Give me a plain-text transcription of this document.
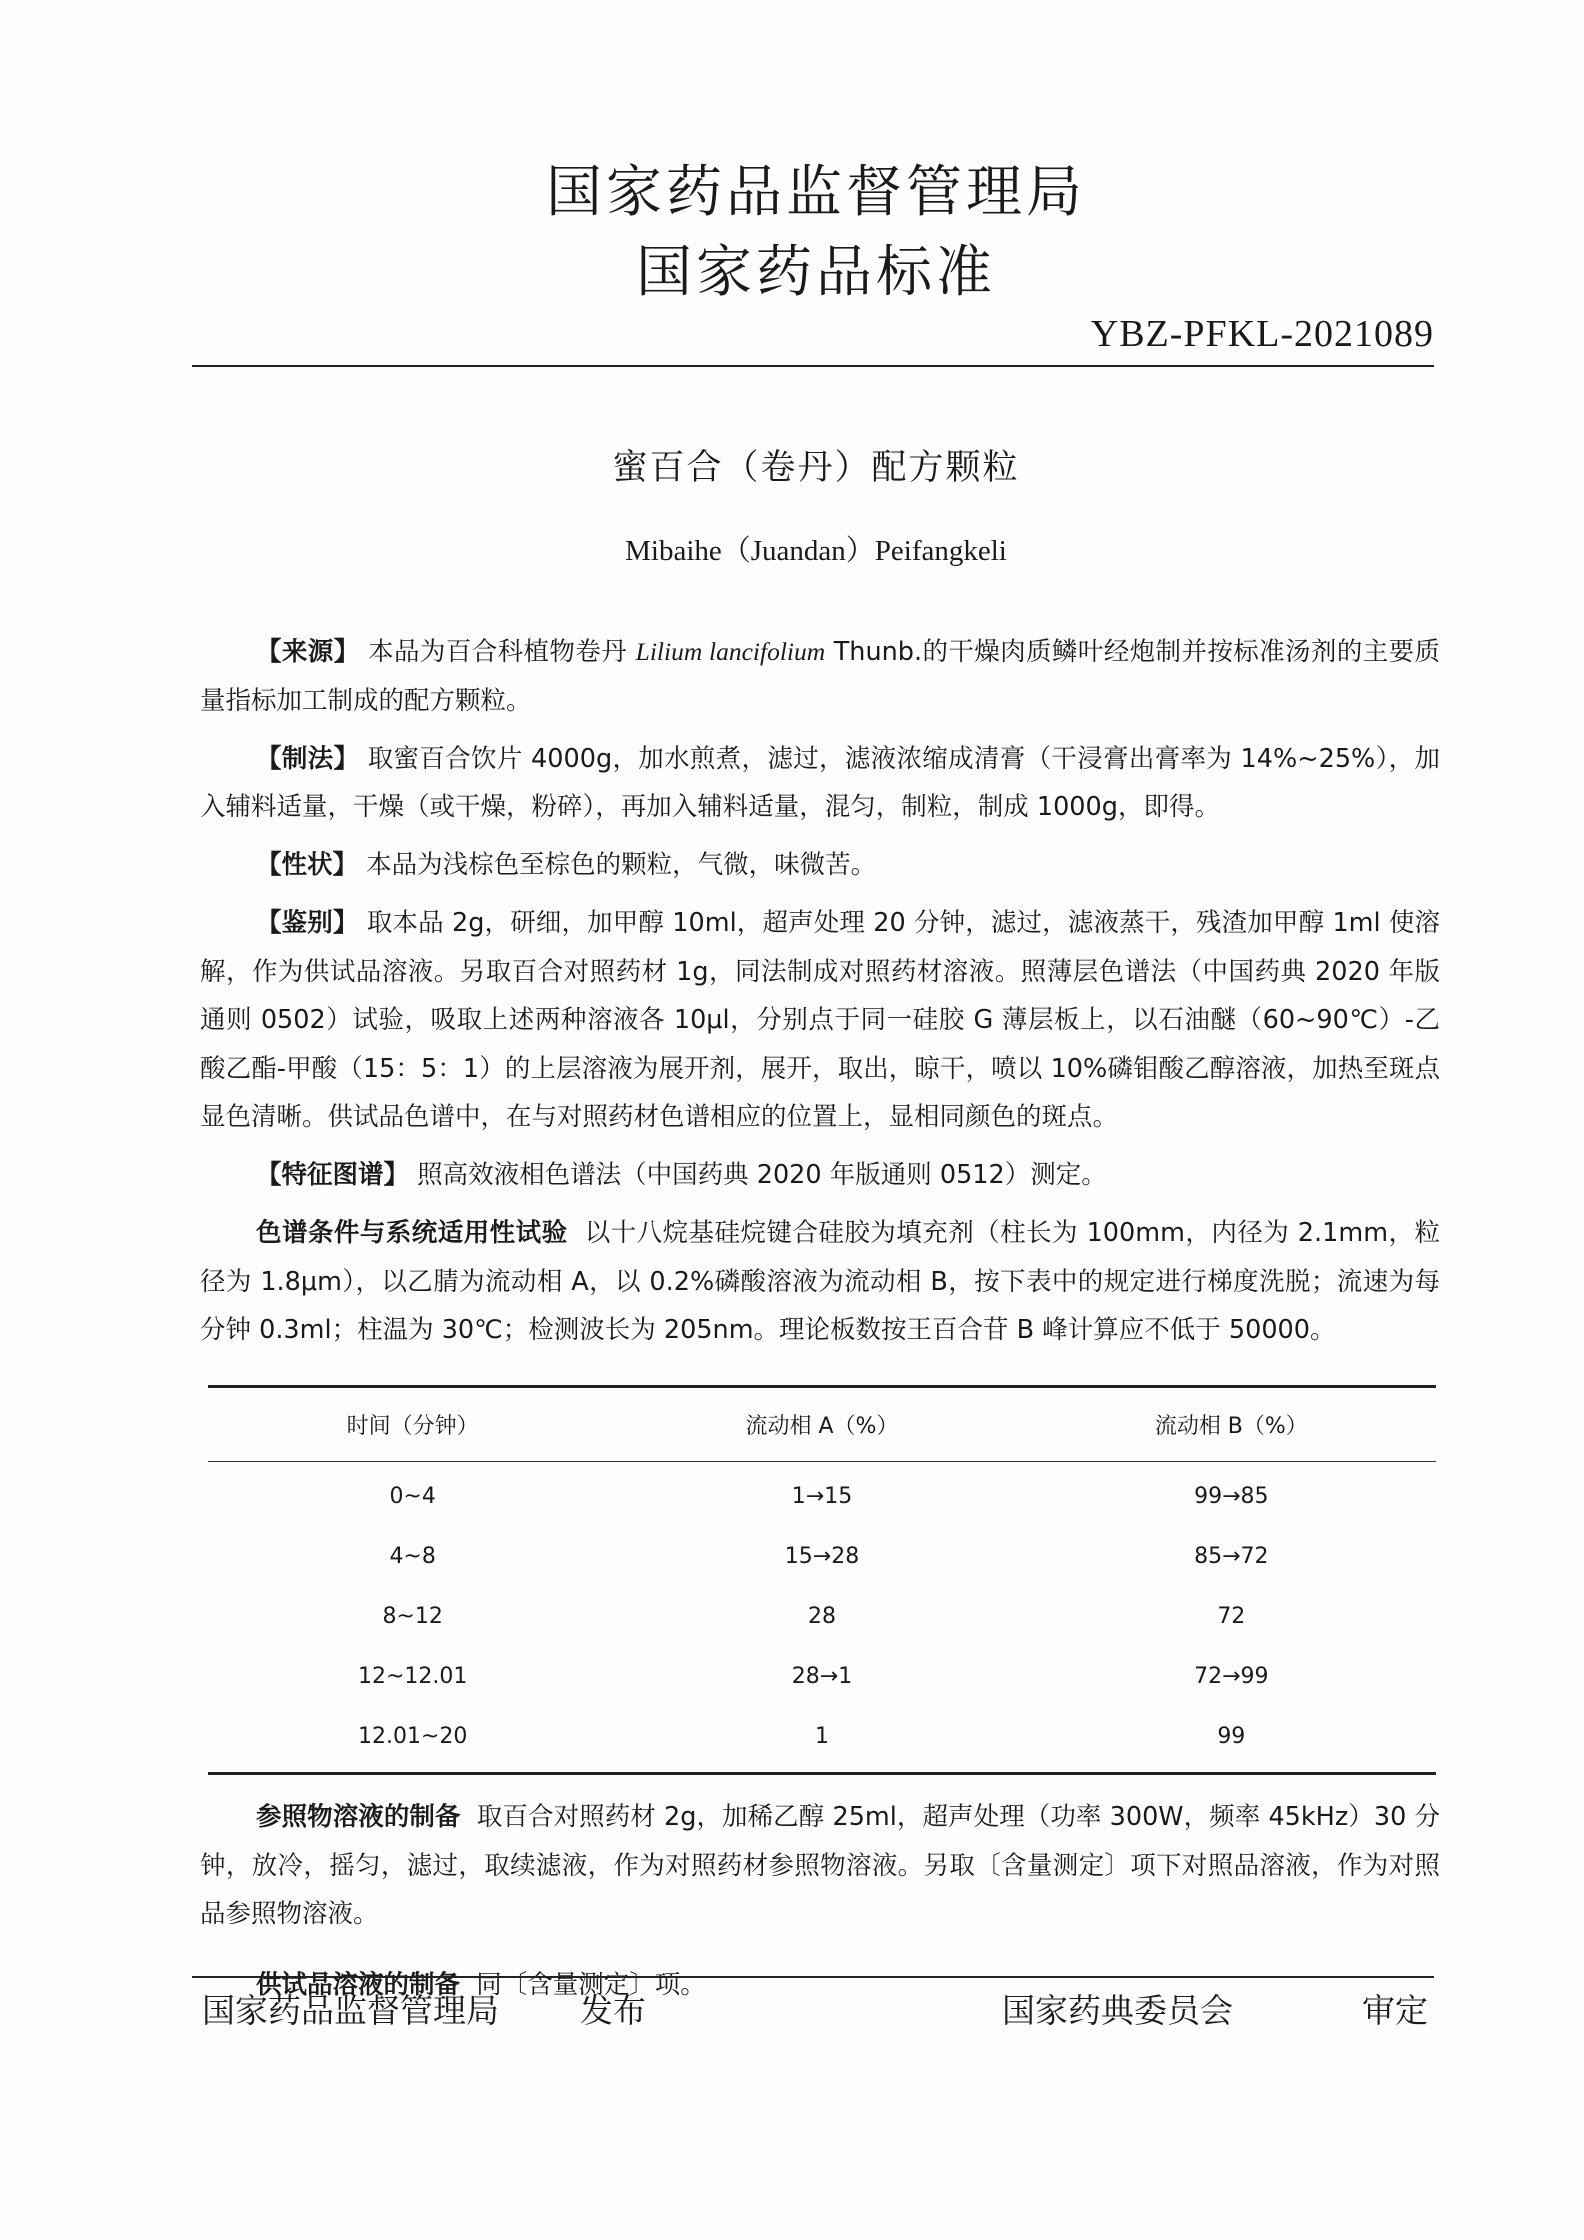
国家药品监督管理局
国家药品标准
YBZ-PFKL-2021089
蜜百合（卷丹）配方颗粒
Mibaihe（Juandan）Peifangkeli

【来源】 本品为百合科植物卷丹 Lilium lancifolium Thunb.的干燥肉质鳞叶经炮制并按标准汤剂的主要质量指标加工制成的配方颗粒。

【制法】 取蜜百合饮片 4000g，加水煎煮，滤过，滤液浓缩成清膏（干浸膏出膏率为 14%~25%），加入辅料适量，干燥（或干燥，粉碎），再加入辅料适量，混匀，制粒，制成 1000g，即得。

【性状】 本品为浅棕色至棕色的颗粒，气微，味微苦。

【鉴别】 取本品 2g，研细，加甲醇 10ml，超声处理 20 分钟，滤过，滤液蒸干，残渣加甲醇 1ml 使溶解，作为供试品溶液。另取百合对照药材 1g，同法制成对照药材溶液。照薄层色谱法（中国药典 2020 年版通则 0502）试验，吸取上述两种溶液各 10μl，分别点于同一硅胶 G 薄层板上，以石油醚（60~90℃）-乙酸乙酯-甲酸（15：5：1）的上层溶液为展开剂，展开，取出，晾干，喷以 10%磷钼酸乙醇溶液，加热至斑点显色清晰。供试品色谱中，在与对照药材色谱相应的位置上，显相同颜色的斑点。

【特征图谱】 照高效液相色谱法（中国药典 2020 年版通则 0512）测定。

色谱条件与系统适用性试验 以十八烷基硅烷键合硅胶为填充剂（柱长为 100mm，内径为 2.1mm，粒径为 1.8μm），以乙腈为流动相 A，以 0.2%磷酸溶液为流动相 B，按下表中的规定进行梯度洗脱；流速为每分钟 0.3ml；柱温为 30℃；检测波长为 205nm。理论板数按王百合苷 B 峰计算应不低于 50000。

时间（分钟）	流动相 A（%）	流动相 B（%）
0~4	1→15	99→85
4~8	15→28	85→72
8~12	28	72
12~12.01	28→1	72→99
12.01~20	1	99

参照物溶液的制备 取百合对照药材 2g，加稀乙醇 25ml，超声处理（功率 300W，频率 45kHz）30 分钟，放冷，摇匀，滤过，取续滤液，作为对照药材参照物溶液。另取〔含量测定〕项下对照品溶液，作为对照品参照物溶液。

供试品溶液的制备 同〔含量测定〕项。

国家药品监督管理局 发布	国家药典委员会	审定
